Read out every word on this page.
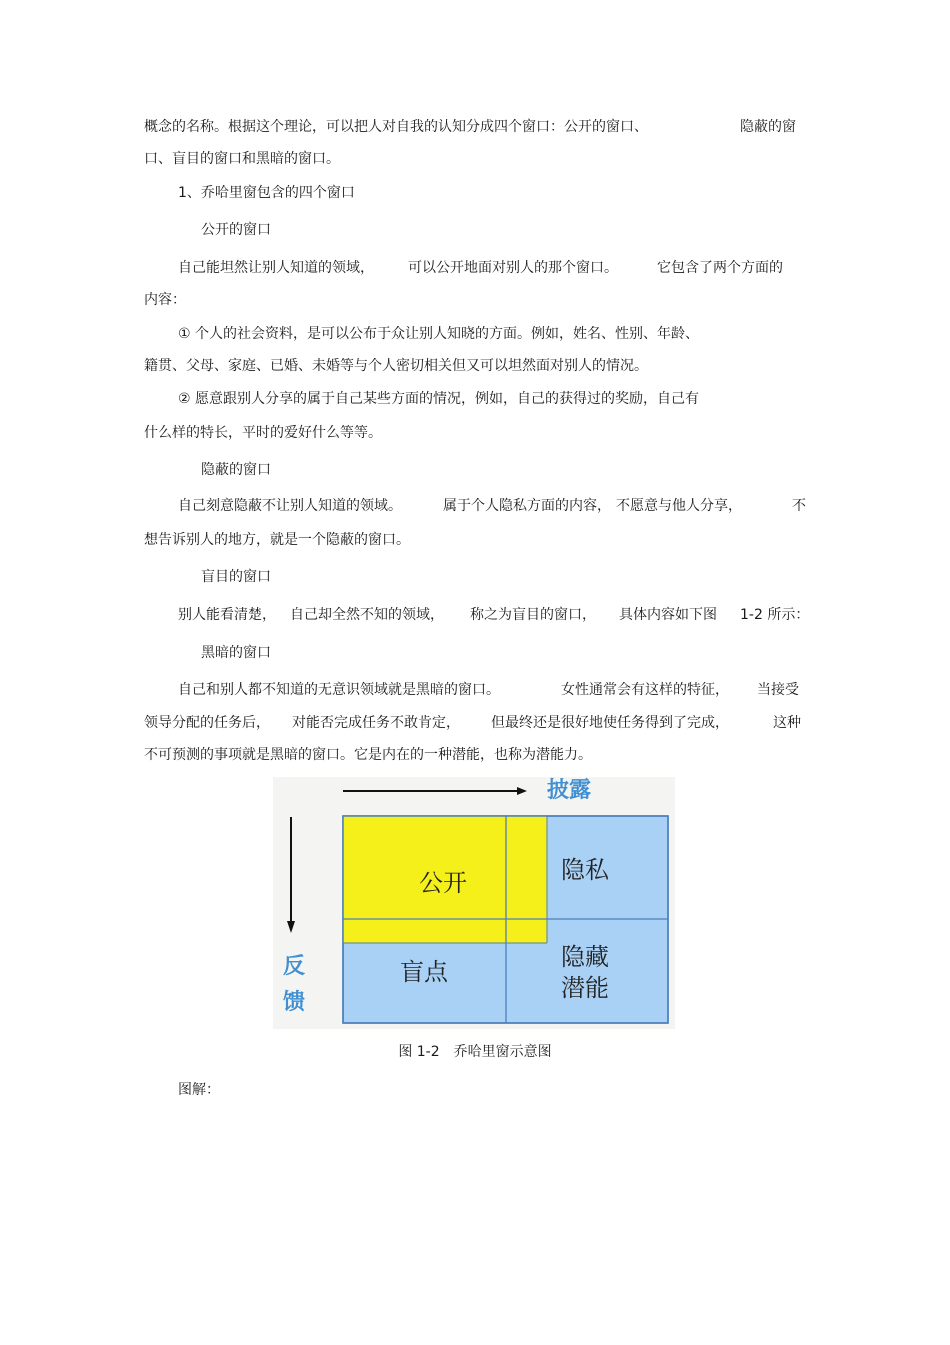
概念的名称。根据这个理论，可以把人对自我的认知分成四个窗口：公开的窗口、	隐蔽的窗
口、盲目的窗口和黑暗的窗口。
1、乔哈里窗包含的四个窗口
公开的窗口
自己能坦然让别人知道的领域， 可以公开地面对别人的那个窗口。	它包含了两个方面的
内容：
① 个人的社会资料，是可以公布于众让别人知晓的方面。例如，姓名、性别、年龄、
籍贯、父母、家庭、已婚、未婚等与个人密切相关但又可以坦然面对别人的情况。
② 愿意跟别人分享的属于自己某些方面的情况，例如，自己的获得过的奖励，自己有
什么样的特长，平时的爱好什么等等。
隐蔽的窗口
自己刻意隐蔽不让别人知道的领域。	属于个人隐私方面的内容， 不愿意与他人分享，	不
想告诉别人的地方，就是一个隐蔽的窗口。
盲目的窗口
别人能看清楚， 自己却全然不知的领域， 称之为盲目的窗口， 具体内容如下图 1-2 所示：
黑暗的窗口
自己和别人都不知道的无意识领域就是黑暗的窗口。	女性通常会有这样的特征， 当接受
领导分配的任务后， 对能否完成任务不敢肯定， 但最终还是很好地使任务得到了完成，	这种
不可预测的事项就是黑暗的窗口。它是内在的一种潜能，也称为潜能力。
披露
反
馈
公开	隐私
盲点
隐藏
潜能
图 1-2 乔哈里窗示意图
图解：
